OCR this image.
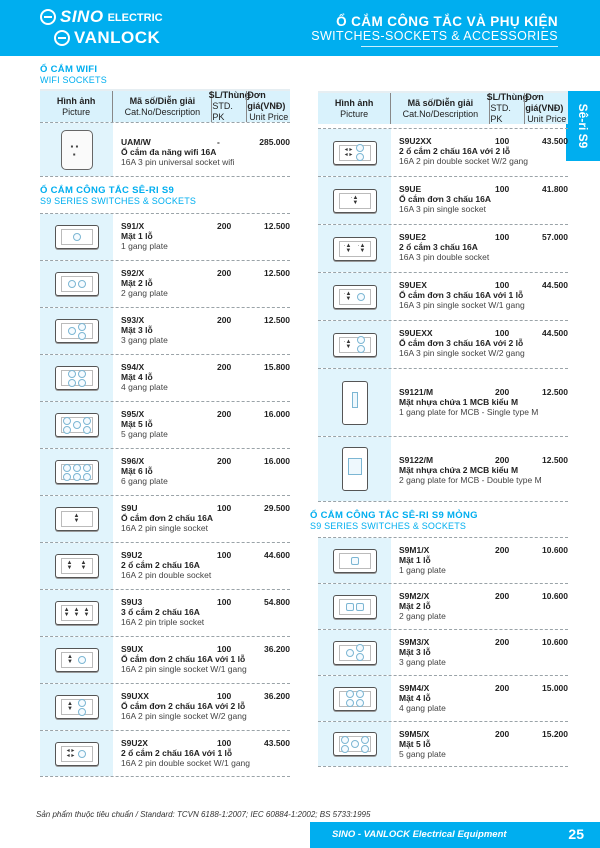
SINO ELECTRIC
VANLOCK
Ổ CẮM CÔNG TẮC VÀ PHỤ KIỆN
SWITCHES-SOCKETS & ACCESSORIES
Sê-ri S9
Ổ CẮM WIFI
WIFI SOCKETS
Hình ảnh
Picture
Mã số/Diễn giải
Cat.No/Description
SL/Thùng
STD. PK
Đơn giá(VNĐ)
Unit Price
▪ ▪
▪
UAM/W
Ổ cắm đa năng wifi 16A
16A 3 pin universal socket wifi
-	285.000
Ổ CẮM CÔNG TẮC SÊ-RI S9
S9 SERIES SWITCHES & SOCKETS
S91/X
Mặt 1 lỗ
1 gang plate
200	12.500
S92/X
Mặt 2 lỗ
2 gang plate
200	12.500
S93/X
Mặt 3 lỗ
3 gang plate
200	12.500
S94/X
Mặt 4 lỗ
4 gang plate
200	15.800
S95/X
Mặt 5 lỗ
5 gang plate
200	16.000
S96/X
Mặt 6 lỗ
6 gang plate
200	16.000
▲
▼
S9U
Ổ cắm đơn 2 chấu 16A
16A 2 pin single socket
100	29.500
▲
▼
▲
▼
S9U2
2 ổ cắm 2 chấu 16A
16A 2 pin double socket
100	44.600
▲
▼
▲
▼
▲
▼
S9U3
3 ổ cắm 2 chấu 16A
16A 2 pin triple socket
100	54.800
▲
▼
S9UX
Ổ cắm đơn 2 chấu 16A với 1 lỗ
16A 2 pin single socket W/1 gang
100	36.200
▲
▼
S9UXX
Ổ cắm đơn 2 chấu 16A với 2 lỗ
16A 2 pin single socket W/2 gang
100	36.200
◂ ▸
◂ ▸
S9U2X
2 ổ cắm 2 chấu 16A với 1 lỗ
16A 2 pin double socket W/1 gang
100	43.500
Hình ảnh
Picture
Mã số/Diễn giải
Cat.No/Description
SL/Thùng
STD. PK
Đơn giá(VNĐ)
Unit Price
◂ ▸
◂ ▸
S9U2XX
2 ổ cắm 2 chấu 16A với 2 lỗ
16A 2 pin double socket W/2 gang
100	43.500
·▲
▼
S9UE
Ổ cắm đơn 3 chấu 16A
16A 3 pin single socket
100	41.800
·▲
▼
·▲
▼
S9UE2
2 ổ cắm 3 chấu 16A
16A 3 pin double socket
100	57.000
·▲
▼
S9UEX
Ổ cắm đơn 3 chấu 16A với 1 lỗ
16A 3 pin single socket W/1 gang
100	44.500
·▲
▼
S9UEXX
Ổ cắm đơn 3 chấu 16A với 2 lỗ
16A 3 pin single socket W/2 gang
100	44.500
S9121/M
Mặt nhựa chứa 1 MCB kiểu M
1 gang plate for MCB - Single type M
200	12.500
S9122/M
Mặt nhựa chứa 2 MCB kiểu M
2 gang plate for MCB - Double type M
200	12.500
Ổ CẮM CÔNG TẮC SÊ-RI S9 MỎNG
S9 SERIES SWITCHES & SOCKETS
S9M1/X
Mặt 1 lỗ
1 gang plate
200	10.600
S9M2/X
Mặt 2 lỗ
2 gang plate
200	10.600
S9M3/X
Mặt 3 lỗ
3 gang plate
200	10.600
S9M4/X
Mặt 4 lỗ
4 gang plate
200	15.000
S9M5/X
Mặt 5 lỗ
5 gang plate
200	15.200
Sản phẩm thuộc tiêu chuẩn / Standard: TCVN 6188-1:2007; IEC 60884-1:2002; BS 5733:1995
SINO - VANLOCK Electrical Equipment	25
